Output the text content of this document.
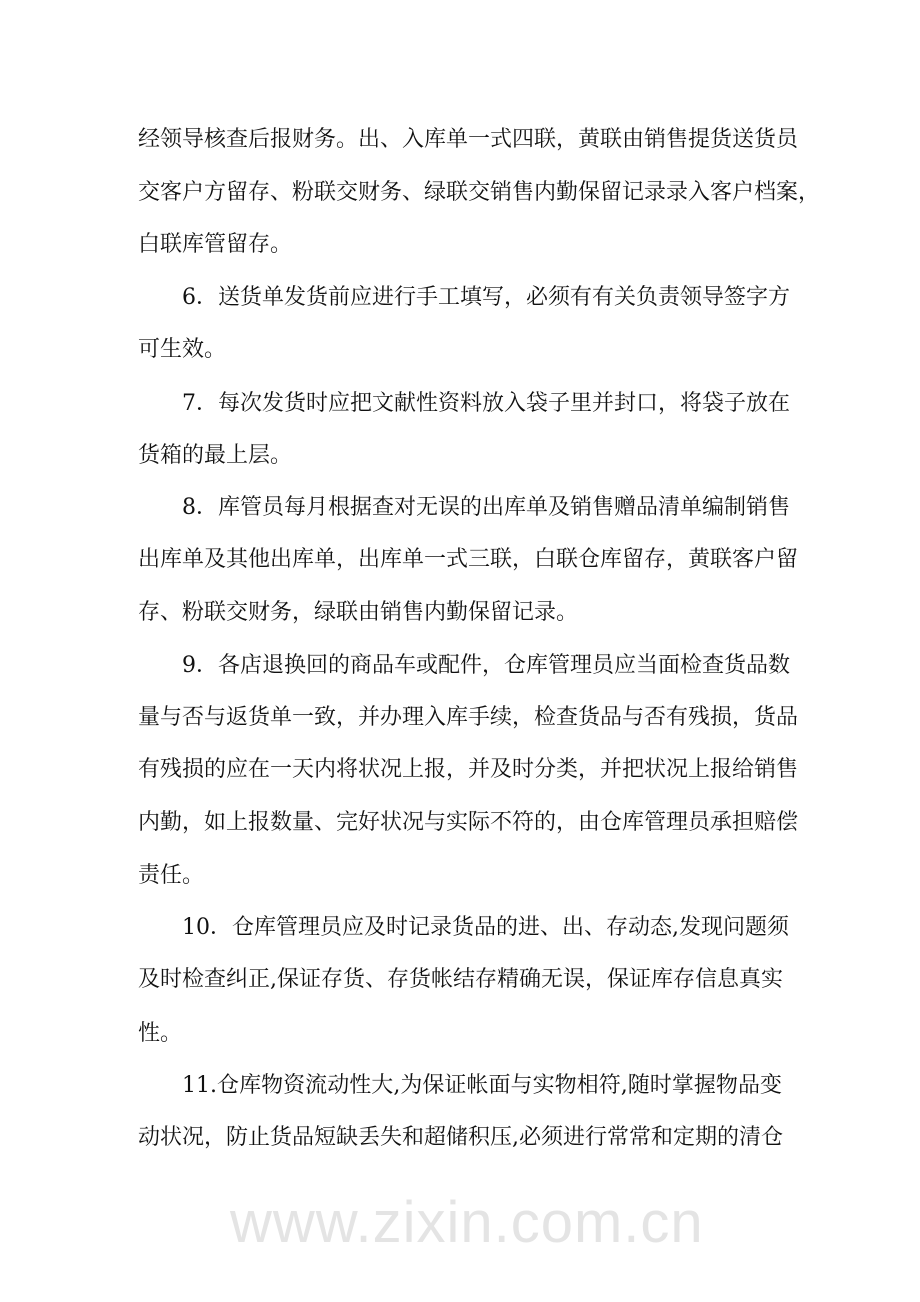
www.zixin.com.cn
经领导核查后报财务。出、入库单一式四联，黄联由销售提货送货员
交客户方留存、粉联交财务、绿联交销售内勤保留记录录入客户档案，
白联库管留存。
6．送货单发货前应进行手工填写，必须有有关负责领导签字方
可生效。
7．每次发货时应把文献性资料放入袋子里并封口，将袋子放在
货箱的最上层。
8．库管员每月根据查对无误的出库单及销售赠品清单编制销售
出库单及其他出库单，出库单一式三联，白联仓库留存，黄联客户留
存、粉联交财务，绿联由销售内勤保留记录。
9．各店退换回的商品车或配件，仓库管理员应当面检查货品数
量与否与返货单一致，并办理入库手续，检查货品与否有残损，货品
有残损的应在一天内将状况上报，并及时分类，并把状况上报给销售
内勤，如上报数量、完好状况与实际不符的，由仓库管理员承担赔偿
责任。
10．仓库管理员应及时记录货品的进、出、存动态,发现问题须
及时检查纠正,保证存货、存货帐结存精确无误，保证库存信息真实
性。
11.仓库物资流动性大,为保证帐面与实物相符,随时掌握物品变
动状况，防止货品短缺丢失和超储积压,必须进行常常和定期的清仓
